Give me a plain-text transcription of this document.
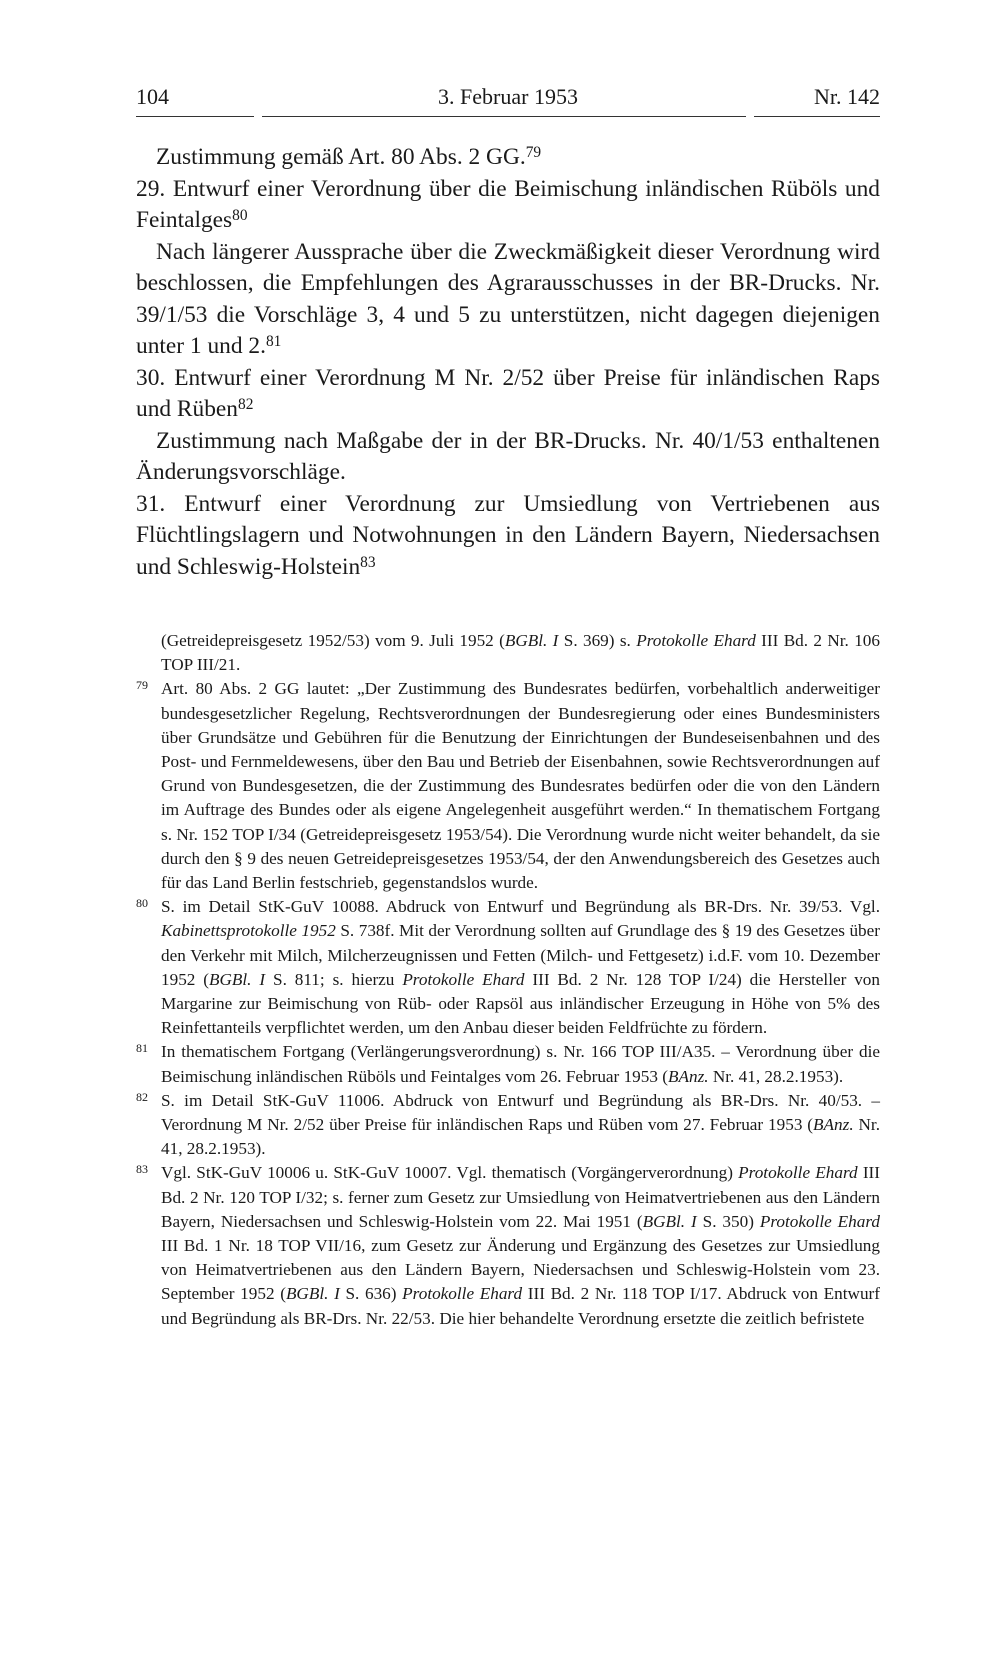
104	3. Februar 1953	Nr. 142

Zustimmung gemäß Art. 80 Abs. 2 GG.$^{79}$

29. Entwurf einer Verordnung über die Beimischung inländischen Rüböls und Feintalges$^{80}$

Nach längerer Aussprache über die Zweckmäßigkeit dieser Verordnung wird beschlossen, die Empfehlungen des Agrarausschusses in der BR-Drucks. Nr. 39/1/53 die Vorschläge 3, 4 und 5 zu unterstützen, nicht dagegen diejenigen unter 1 und 2.81

30. Entwurf einer Verordnung M Nr. 2/52 über Preise für inländischen Raps und Rüben$^{82}$

Zustimmung nach Maßgabe der in der BR-Drucks. Nr. 40/1/53 enthaltenen Änderungsvorschläge.

31. Entwurf einer Verordnung zur Umsiedlung von Vertriebenen aus Flüchtlingslagern und Notwohnungen in den Ländern Bayern, Niedersachsen und Schleswig-Holstein$^{83}$

(Getreidepreisgesetz 1952/53) vom 9. Juli 1952 (BGBl. I S. 369) s. Protokolle Ehard III Bd. 2 Nr. 106 TOP III/21.
79 Art. 80 Abs. 2 GG lautet: „Der Zustimmung des Bundesrates bedürfen, vorbehaltlich anderweitiger bundesgesetzlicher Regelung, Rechtsverordnungen der Bundesregierung oder eines Bundesministers über Grundsätze und Gebühren für die Benutzung der Einrichtungen der Bundeseisenbahnen und des Post- und Fernmeldewesens, über den Bau und Betrieb der Eisenbahnen, sowie Rechtsverordnungen auf Grund von Bundesgesetzen, die der Zustimmung des Bundesrates bedürfen oder die von den Ländern im Auftrage des Bundes oder als eigene Angelegenheit ausgeführt werden.“ In thematischem Fortgang s. Nr. 152 TOP I/34 (Getreidepreisgesetz 1953/54). Die Verordnung wurde nicht weiter behandelt, da sie durch den § 9 des neuen Getreidepreisgesetzes 1953/54, der den Anwendungsbereich des Gesetzes auch für das Land Berlin festschrieb, gegenstandslos wurde.
80 S. im Detail StK-GuV 10088. Abdruck von Entwurf und Begründung als BR-Drs. Nr. 39/53. Vgl. Kabinettsprotokolle 1952 S. 738f. Mit der Verordnung sollten auf Grundlage des § 19 des Gesetzes über den Verkehr mit Milch, Milcherzeugnissen und Fetten (Milch- und Fettgesetz) i.d.F. vom 10. Dezember 1952 (BGBl. I S. 811; s. hierzu Protokolle Ehard III Bd. 2 Nr. 128 TOP I/24) die Hersteller von Margarine zur Beimischung von Rüb- oder Rapsöl aus inländischer Erzeugung in Höhe von 5% des Reinfettanteils verpflichtet werden, um den Anbau dieser beiden Feldfrüchte zu fördern.
81 In thematischem Fortgang (Verlängerungsverordnung) s. Nr. 166 TOP III/A35. – Verordnung über die Beimischung inländischen Rüböls und Feintalges vom 26. Februar 1953 (BAnz. Nr. 41, 28.2.1953).
82 S. im Detail StK-GuV 11006. Abdruck von Entwurf und Begründung als BR-Drs. Nr. 40/53. – Verordnung M Nr. 2/52 über Preise für inländischen Raps und Rüben vom 27. Februar 1953 (BAnz. Nr. 41, 28.2.1953).
83 Vgl. StK-GuV 10006 u. StK-GuV 10007. Vgl. thematisch (Vorgängerverordnung) Protokolle Ehard III Bd. 2 Nr. 120 TOP I/32; s. ferner zum Gesetz zur Umsiedlung von Heimatvertriebenen aus den Ländern Bayern, Niedersachsen und Schleswig-Holstein vom 22. Mai 1951 (BGBl. I S. 350) Protokolle Ehard III Bd. 1 Nr. 18 TOP VII/16, zum Gesetz zur Änderung und Ergänzung des Gesetzes zur Umsiedlung von Heimatvertriebenen aus den Ländern Bayern, Niedersachsen und Schleswig-Holstein vom 23. September 1952 (BGBl. I S. 636) Protokolle Ehard III Bd. 2 Nr. 118 TOP I/17. Abdruck von Entwurf und Begründung als BR-Drs. Nr. 22/53. Die hier behandelte Verordnung ersetzte die zeitlich befristete
